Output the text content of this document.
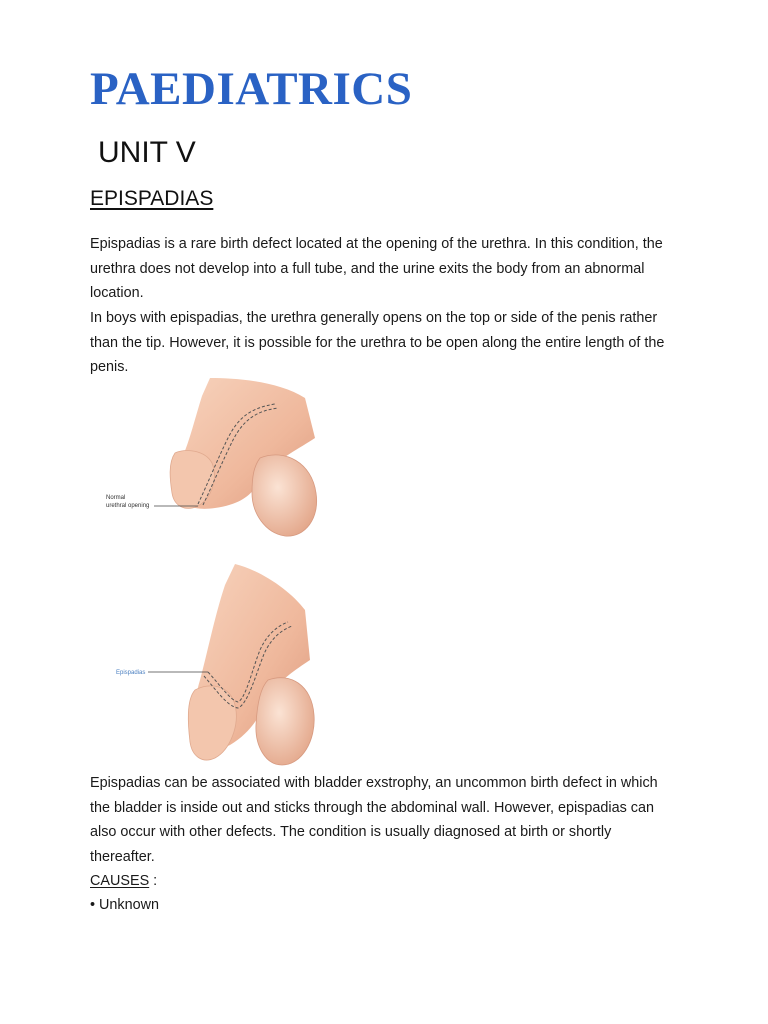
PAEDIATRICS
UNIT V
EPISPADIAS

Epispadias is a rare birth defect located at the opening of the urethra. In this condition, the urethra does not develop into a full tube, and the urine exits the body from an abnormal location.

In boys with epispadias, the urethra generally opens on the top or side of the penis rather than the tip. However, it is possible for the urethra to be open along the entire length of the penis.

Normal
urethral opening
Epispadias

Epispadias can be associated with bladder exstrophy, an uncommon birth defect in which the bladder is inside out and sticks through the abdominal wall. However, epispadias can also occur with other defects. The condition is usually diagnosed at birth or shortly thereafter.

CAUSES :
• Unknown
